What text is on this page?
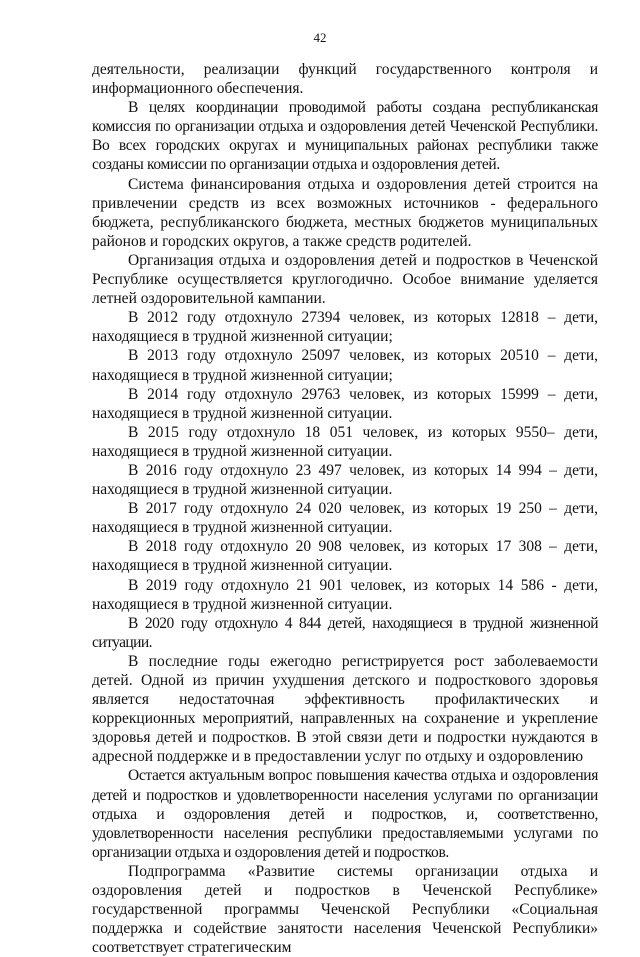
42

деятельности, реализации функций государственного контроля и информационного обеспечения.

В целях координации проводимой работы создана республиканская комиссия по организации отдыха и оздоровления детей Чеченской Республики. Во всех городских округах и муниципальных районах республики также созданы комиссии по организации отдыха и оздоровления детей.

Система финансирования отдыха и оздоровления детей строится на привлечении средств из всех возможных источников - федерального бюджета, республиканского бюджета, местных бюджетов муниципальных районов и городских округов, а также средств родителей.

Организация отдыха и оздоровления детей и подростков в Чеченской Республике осуществляется круглогодично. Особое внимание уделяется летней оздоровительной кампании.

В 2012 году отдохнуло 27394 человек, из которых 12818 – дети, находящиеся в трудной жизненной ситуации;

В 2013 году отдохнуло 25097 человек, из которых 20510 – дети, находящиеся в трудной жизненной ситуации;

В 2014 году отдохнуло 29763 человек, из которых 15999 – дети, находящиеся в трудной жизненной ситуации.

В 2015 году отдохнуло 18 051 человек, из которых 9550– дети, находящиеся в трудной жизненной ситуации.

В 2016 году отдохнуло 23 497 человек, из которых 14 994 – дети, находящиеся в трудной жизненной ситуации.

В 2017 году отдохнуло 24 020 человек, из которых 19 250 – дети, находящиеся в трудной жизненной ситуации.

В 2018 году отдохнуло 20 908 человек, из которых 17 308 – дети, находящиеся в трудной жизненной ситуации.

В 2019 году отдохнуло 21 901 человек, из которых 14 586 - дети, находящиеся в трудной жизненной ситуации.

В 2020 году отдохнуло 4 844 детей, находящиеся в трудной жизненной ситуации.

В последние годы ежегодно регистрируется рост заболеваемости детей. Одной из причин ухудшения детского и подросткового здоровья является недостаточная эффективность профилактических и коррекционных мероприятий, направленных на сохранение и укрепление здоровья детей и подростков. В этой связи дети и подростки нуждаются в адресной поддержке и в предоставлении услуг по отдыху и оздоровлению

Остается актуальным вопрос повышения качества отдыха и оздоровления детей и подростков и удовлетворенности населения услугами по организации отдыха и оздоровления детей и подростков, и, соответственно, удовлетворенности населения республики предоставляемыми услугами по организации отдыха и оздоровления детей и подростков.

Подпрограмма «Развитие системы организации отдыха и оздоровления детей и подростков в Чеченской Республике» государственной программы Чеченской Республики «Социальная поддержка и содействие занятости населения Чеченской Республики» соответствует стратегическим
